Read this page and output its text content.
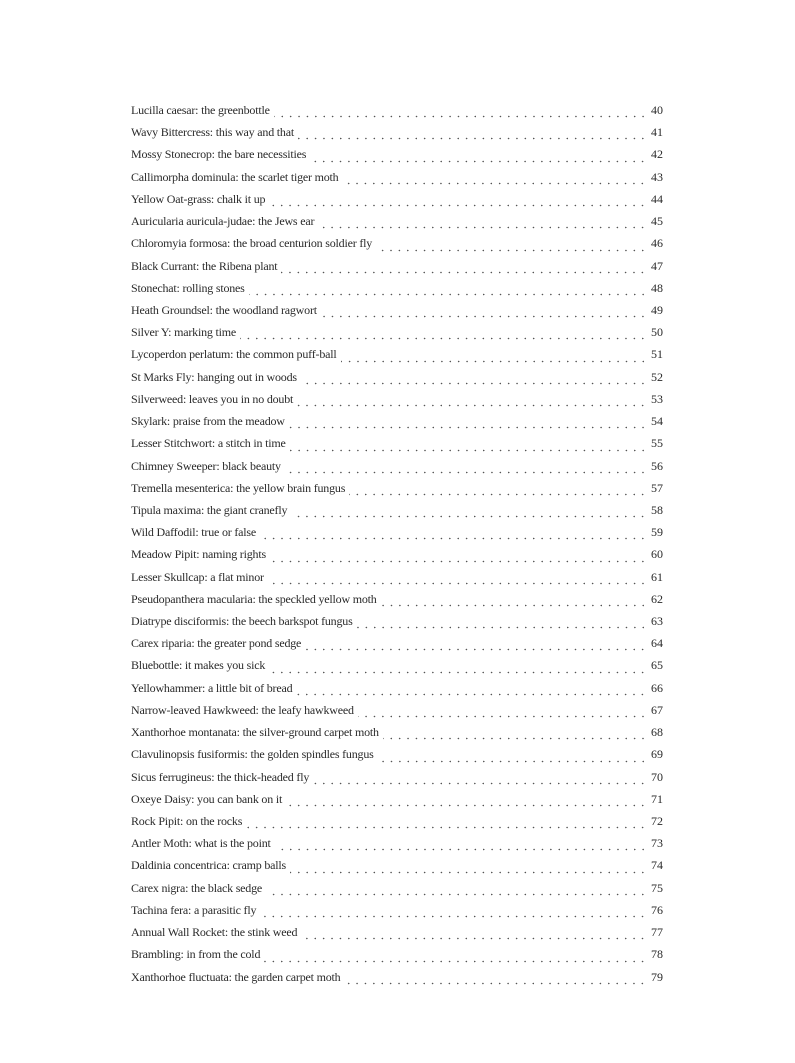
Lucilla caesar: the greenbottle	40
Wavy Bittercress: this way and that	41
Mossy Stonecrop: the bare necessities	42
Callimorpha dominula: the scarlet tiger moth	43
Yellow Oat-grass: chalk it up	44
Auricularia auricula-judae: the Jews ear	45
Chloromyia formosa: the broad centurion soldier fly	46
Black Currant: the Ribena plant	47
Stonechat: rolling stones	48
Heath Groundsel: the woodland ragwort	49
Silver Y: marking time	50
Lycoperdon perlatum: the common puff-ball	51
St Marks Fly: hanging out in woods	52
Silverweed: leaves you in no doubt	53
Skylark: praise from the meadow	54
Lesser Stitchwort: a stitch in time	55
Chimney Sweeper: black beauty	56
Tremella mesenterica: the yellow brain fungus	57
Tipula maxima: the giant cranefly	58
Wild Daffodil: true or false	59
Meadow Pipit: naming rights	60
Lesser Skullcap: a flat minor	61
Pseudopanthera macularia: the speckled yellow moth	62
Diatrype disciformis: the beech barkspot fungus	63
Carex riparia: the greater pond sedge	64
Bluebottle: it makes you sick	65
Yellowhammer: a little bit of bread	66
Narrow-leaved Hawkweed: the leafy hawkweed	67
Xanthorhoe montanata: the silver-ground carpet moth	68
Clavulinopsis fusiformis: the golden spindles fungus	69
Sicus ferrugineus: the thick-headed fly	70
Oxeye Daisy: you can bank on it	71
Rock Pipit: on the rocks	72
Antler Moth: what is the point	73
Daldinia concentrica: cramp balls	74
Carex nigra: the black sedge	75
Tachina fera: a parasitic fly	76
Annual Wall Rocket: the stink weed	77
Brambling: in from the cold	78
Xanthorhoe fluctuata: the garden carpet moth	79
